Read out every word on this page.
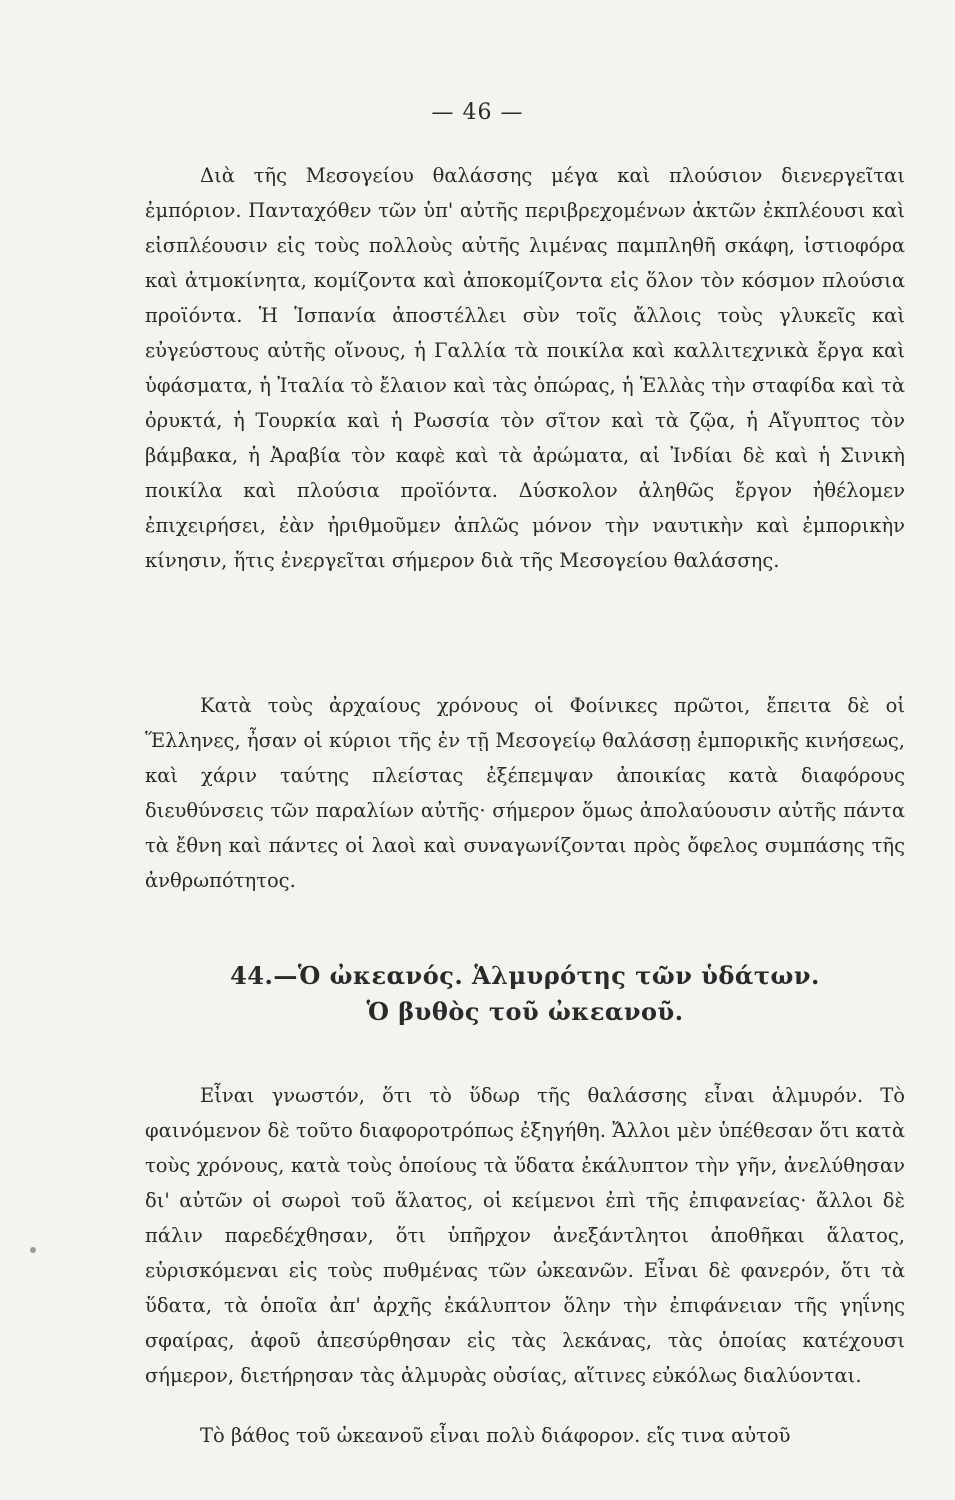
— 46 —

Διὰ τῆς Μεσογείου θαλάσσης μέγα καὶ πλούσιον διενεργεῖται ἐμπόριον. Πανταχόθεν τῶν ὑπ' αὐτῆς περιβρεχομένων ἀκτῶν ἐκπλέουσι καὶ εἰσπλέουσιν εἰς τοὺς πολλοὺς αὐτῆς λιμένας παμπληθῆ σκάφη, ἱστιοφόρα καὶ ἀτμοκίνητα, κομίζοντα καὶ ἀποκομίζοντα εἰς ὅλον τὸν κόσμον πλούσια προϊόντα. Ἡ Ἱσπανία ἀποστέλλει σὺν τοῖς ἄλλοις τοὺς γλυκεῖς καὶ εὐγεύστους αὐτῆς οἴνους, ἡ Γαλλία τὰ ποικίλα καὶ καλλιτεχνικὰ ἔργα καὶ ὑφάσματα, ἡ Ἰταλία τὸ ἔλαιον καὶ τὰς ὀπώρας, ἡ Ἑλλὰς τὴν σταφίδα καὶ τὰ ὀρυκτά, ἡ Τουρκία καὶ ἡ Ρωσσία τὸν σῖτον καὶ τὰ ζῷα, ἡ Αἴγυπτος τὸν βάμβακα, ἡ Ἀραβία τὸν καφὲ καὶ τὰ ἀρώματα, αἱ Ἰνδίαι δὲ καὶ ἡ Σινικὴ ποικίλα καὶ πλούσια προϊόντα. Δύσκολον ἀληθῶς ἔργον ἠθέλομεν ἐπιχειρήσει, ἐὰν ἠριθμοῦμεν ἁπλῶς μόνον τὴν ναυτικὴν καὶ ἐμπορικὴν κίνησιν, ἥτις ἐνεργεῖται σήμερον διὰ τῆς Μεσογείου θαλάσσης.

Κατὰ τοὺς ἀρχαίους χρόνους οἱ Φοίνικες πρῶτοι, ἔπειτα δὲ οἱ Ἕλληνες, ἦσαν οἱ κύριοι τῆς ἐν τῇ Μεσογείῳ θαλάσσῃ ἐμπορικῆς κινήσεως, καὶ χάριν ταύτης πλείστας ἐξέπεμψαν ἀποικίας κατὰ διαφόρους διευθύνσεις τῶν παραλίων αὐτῆς· σήμερον ὅμως ἀπολαύουσιν αὐτῆς πάντα τὰ ἔθνη καὶ πάντες οἱ λαοὶ καὶ συναγωνίζονται πρὸς ὄφελος συμπάσης τῆς ἀνθρωπότητος.

44.—Ὁ ὠκεανός. Ἁλμυρότης τῶν ὑδάτων.
Ὁ βυθὸς τοῦ ὠκεανοῦ.

Εἶναι γνωστόν, ὅτι τὸ ὕδωρ τῆς θαλάσσης εἶναι ἁλμυρόν. Τὸ φαινόμενον δὲ τοῦτο διαφοροτρόπως ἐξηγήθη. Ἄλλοι μὲν ὑπέθεσαν ὅτι κατὰ τοὺς χρόνους, κατὰ τοὺς ὁποίους τὰ ὕδατα ἐκάλυπτον τὴν γῆν, ἀνελύθησαν δι' αὐτῶν οἱ σωροὶ τοῦ ἅλατος, οἱ κείμενοι ἐπὶ τῆς ἐπιφανείας· ἄλλοι δὲ πάλιν παρεδέχθησαν, ὅτι ὑπῆρχον ἀνεξάντλητοι ἀποθῆκαι ἅλατος, εὑρισκόμεναι εἰς τοὺς πυθμένας τῶν ὠκεανῶν. Εἶναι δὲ φανερόν, ὅτι τὰ ὕδατα, τὰ ὁποῖα ἀπ' ἀρχῆς ἐκάλυπτον ὅλην τὴν ἐπιφάνειαν τῆς γηΐνης σφαίρας, ἀφοῦ ἀπεσύρθησαν εἰς τὰς λεκάνας, τὰς ὁποίας κατέχουσι σήμερον, διετήρησαν τὰς ἁλμυρὰς οὐσίας, αἵτινες εὐκόλως διαλύονται.

Τὸ βάθος τοῦ ὠκεανοῦ εἶναι πολὺ διάφορον. εἴς τινα αὐτοῦ
